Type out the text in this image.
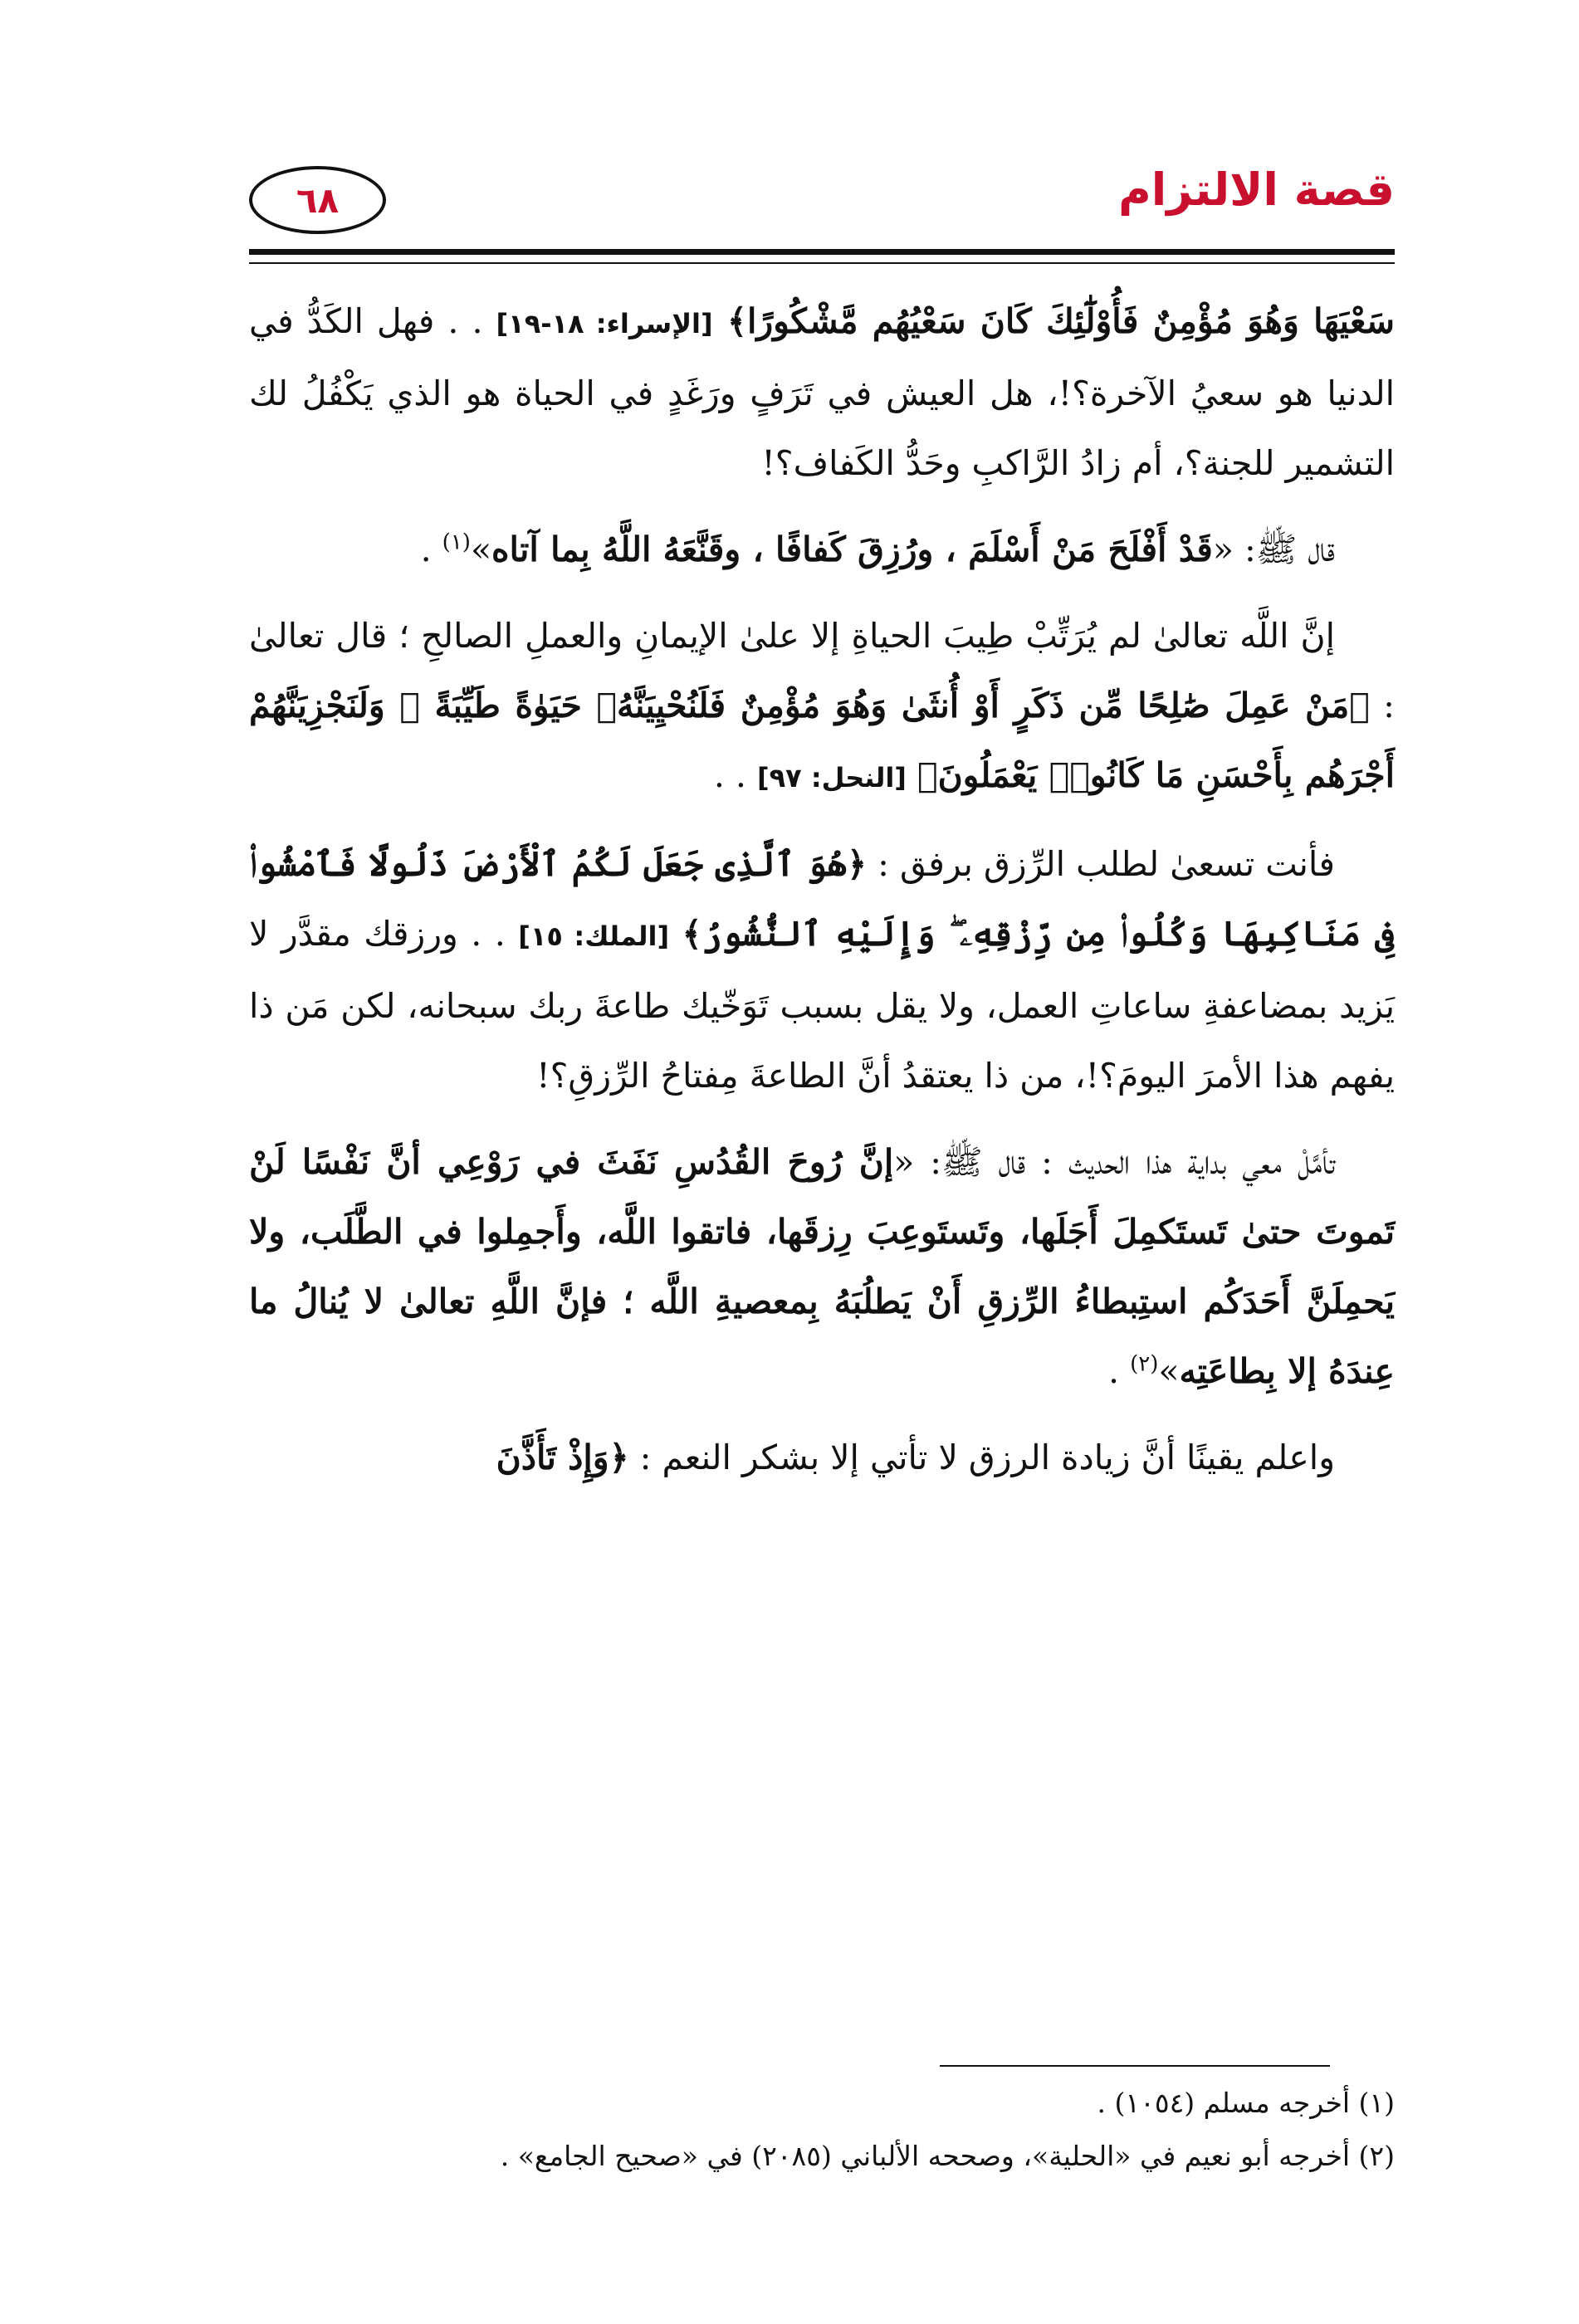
قصة الالتزام
٦٨

سَعْيَهَا وَهُوَ مُؤْمِنٌ فَأُوْلَٰٓئِكَ كَانَ سَعْيُهُم مَّشْكُورًا﴾ [الإسراء: ١٨-١٩] . . فهل الكَدُّ في الدنيا هو سعيُ الآخرة؟!، هل العيش في تَرَفٍ ورَغَدٍ في الحياة هو الذي يَكْفُلُ لك التشمير للجنة؟، أم زادُ الرَّاكبِ وحَدُّ الكَفاف؟!

قال ﷺ: «قَدْ أَفْلَحَ مَنْ أَسْلَمَ ، ورُزِقَ كَفافًا ، وقَنَّعَهُ اللَّهُ بِما آتاه»$^{(١)}$ .

إنَّ اللَّه تعالىٰ لم يُرَتِّبْ طِيبَ الحياةِ إلا علىٰ الإيمانِ والعملِ الصالحِ ؛ قال تعالىٰ : ﴿مَنْ عَمِلَ صَٰلِحًا مِّن ذَكَرٍ أَوْ أُنثَىٰ وَهُوَ مُؤْمِنٌ فَلَنُحْيِيَنَّهُۥ حَيَوٰةً طَيِّبَةً ۖ وَلَنَجْزِيَنَّهُمْ أَجْرَهُم بِأَحْسَنِ مَا كَانُوا۟ يَعْمَلُونَ﴾ [النحل: ٩٧] . .

فأنت تسعىٰ لطلب الرِّزق برفق : ﴿هُوَ ٱلَّذِى جَعَلَ لَكُمُ ٱلْأَرْضَ ذَلُولًا فَٱمْشُوا۟ فِى مَنَاكِبِهَا وَكُلُوا۟ مِن رِّزْقِهِۦ ۖ وَإِلَيْهِ ٱلنُّشُورُ﴾ [الملك: ١٥] . . ورزقك مقدَّر لا يَزيد بمضاعفةِ ساعاتِ العمل، ولا يقل بسبب تَوَخّيك طاعةَ ربك سبحانه، لكن مَن ذا يفهم هذا الأمرَ اليومَ؟!، من ذا يعتقدُ أنَّ الطاعةَ مِفتاحُ الرِّزقِ؟!

تأمَّلْ معي بداية هذا الحديث : قال ﷺ: «إنَّ رُوحَ القُدُسِ نَفَثَ في رَوْعِي أنَّ نَفْسًا لَنْ تَموتَ حتىٰ تَستَكمِلَ أَجَلَها، وتَستَوعِبَ رِزقَها، فاتقوا اللَّه، وأَجمِلوا في الطَّلَب، ولا يَحمِلَنَّ أَحَدَكُم استِبطاءُ الرِّزقِ أَنْ يَطلُبَهُ بِمعصيةِ اللَّه ؛ فإنَّ اللَّهِ تعالىٰ لا يُنالُ ما عِندَهُ إلا بِطاعَتِه»$^{(٢)}$ .

واعلم يقينًا أنَّ زيادة الرزق لا تأتي إلا بشكر النعم : ﴿وَإِذْ تَأَذَّنَ

(١) أخرجه مسلم (١٠٥٤) .

(٢) أخرجه أبو نعيم في «الحلية»، وصححه الألباني (٢٠٨٥) في «صحيح الجامع» .
